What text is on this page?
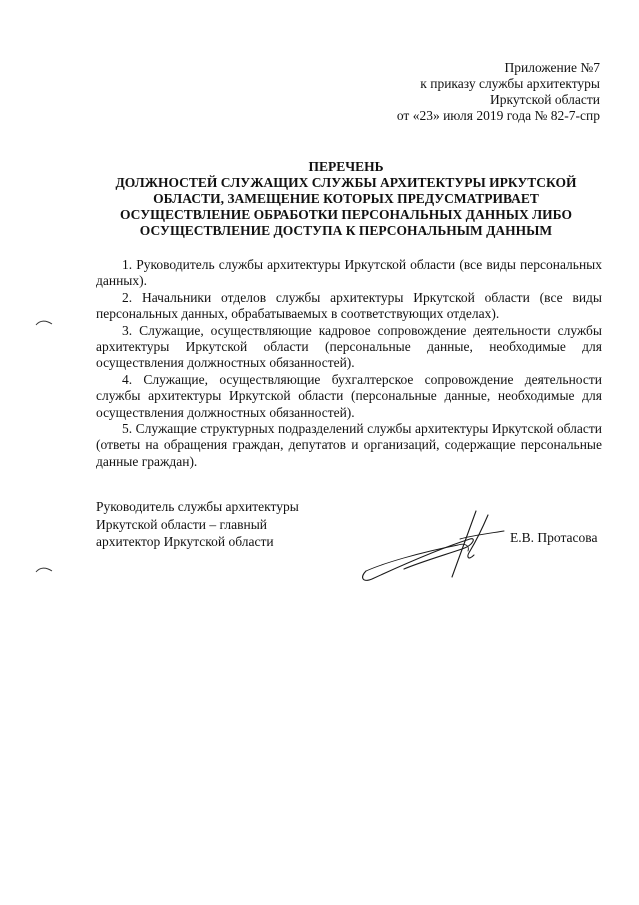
Приложение №7
к приказу службы архитектуры
Иркутской области
от «23» июля 2019 года № 82-7-спр
ПЕРЕЧЕНЬ
ДОЛЖНОСТЕЙ СЛУЖАЩИХ СЛУЖБЫ АРХИТЕКТУРЫ ИРКУТСКОЙ
ОБЛАСТИ, ЗАМЕЩЕНИЕ КОТОРЫХ ПРЕДУСМАТРИВАЕТ
ОСУЩЕСТВЛЕНИЕ ОБРАБОТКИ ПЕРСОНАЛЬНЫХ ДАННЫХ ЛИБО
ОСУЩЕСТВЛЕНИЕ ДОСТУПА К ПЕРСОНАЛЬНЫМ ДАННЫМ

1. Руководитель службы архитектуры Иркутской области (все виды персональных данных).

2. Начальники отделов службы архитектуры Иркутской области (все виды персональных данных, обрабатываемых в соответствующих отделах).

3. Служащие, осуществляющие кадровое сопровождение деятельности службы архитектуры Иркутской области (персональные данные, необходимые для осуществления должностных обязанностей).

4. Служащие, осуществляющие бухгалтерское сопровождение деятельности службы архитектуры Иркутской области (персональные данные, необходимые для осуществления должностных обязанностей).

5. Служащие структурных подразделений службы архитектуры Иркутской области (ответы на обращения граждан, депутатов и организаций, содержащие персональные данные граждан).

Руководитель службы архитектуры
Иркутской области – главный
архитектор Иркутской области	Е.В. Протасова
